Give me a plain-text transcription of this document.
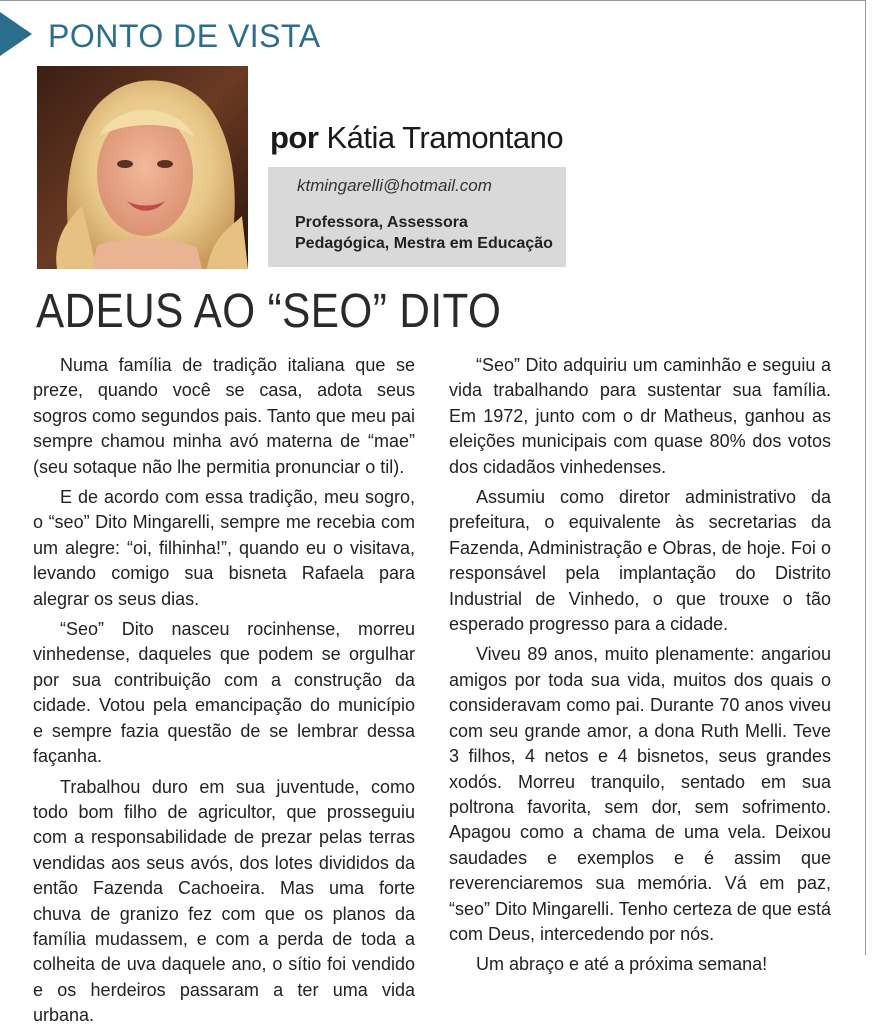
PONTO DE VISTA
por Kátia Tramontano
ktmingarelli@hotmail.com
Professora, Assessora Pedagógica, Mestra em Educação
ADEUS AO “SEO” DITO

Numa família de tradição italiana que se preze, quando você se casa, adota seus sogros como segundos pais. Tanto que meu pai sempre chamou minha avó materna de “mae” (seu sotaque não lhe permitia pronunciar o til).

E de acordo com essa tradição, meu sogro, o “seo” Dito Mingarelli, sempre me recebia com um alegre: “oi, filhinha!”, quando eu o visitava, levando comigo sua bisneta Rafaela para alegrar os seus dias.

“Seo” Dito nasceu rocinhense, morreu vinhedense, daqueles que podem se orgulhar por sua contribuição com a construção da cidade. Votou pela emancipação do município e sempre fazia questão de se lembrar dessa façanha.

Trabalhou duro em sua juventude, como todo bom filho de agricultor, que prosseguiu com a responsabilidade de prezar pelas terras vendidas aos seus avós, dos lotes divididos da então Fazenda Cachoeira. Mas uma forte chuva de granizo fez com que os planos da família mudassem, e com a perda de toda a colheita de uva daquele ano, o sítio foi vendido e os herdeiros passaram a ter uma vida urbana.

“Seo” Dito adquiriu um caminhão e seguiu a vida trabalhando para sustentar sua família. Em 1972, junto com o dr Matheus, ganhou as eleições municipais com quase 80% dos votos dos cidadãos vinhedenses.

Assumiu como diretor administrativo da prefeitura, o equivalente às secretarias da Fazenda, Administração e Obras, de hoje. Foi o responsável pela implantação do Distrito Industrial de Vinhedo, o que trouxe o tão esperado progresso para a cidade.

Viveu 89 anos, muito plenamente: angariou amigos por toda sua vida, muitos dos quais o consideravam como pai. Durante 70 anos viveu com seu grande amor, a dona Ruth Melli. Teve 3 filhos, 4 netos e 4 bisnetos, seus grandes xodós. Morreu tranquilo, sentado em sua poltrona favorita, sem dor, sem sofrimento. Apagou como a chama de uma vela. Deixou saudades e exemplos e é assim que reverenciaremos sua memória. Vá em paz, “seo” Dito Mingarelli. Tenho certeza de que está com Deus, intercedendo por nós.

Um abraço e até a próxima semana!
